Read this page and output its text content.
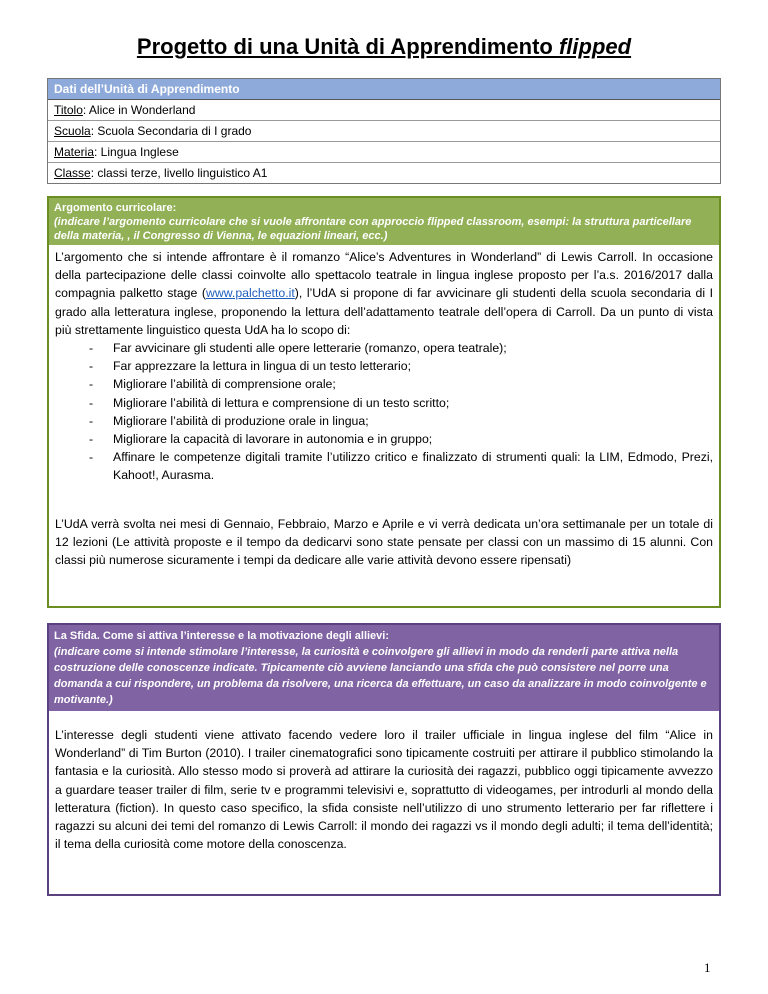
Progetto di una Unità di Apprendimento flipped
Dati dell’Unità di Apprendimento
Titolo: Alice in Wonderland
Scuola: Scuola Secondaria di I grado
Materia: Lingua Inglese
Classe: classi terze, livello linguistico A1
Argomento curricolare:
(indicare l’argomento curricolare che si vuole affrontare con approccio flipped classroom, esempi: la struttura particellare della materia, , il Congresso di Vienna, le equazioni lineari, ecc.)

L’argomento che si intende affrontare è il romanzo “Alice’s Adventures in Wonderland” di Lewis Carroll. In occasione della partecipazione delle classi coinvolte allo spettacolo teatrale in lingua inglese proposto per l’a.s. 2016/2017 dalla compagnia palketto stage (www.palchetto.it), l’UdA si propone di far avvicinare gli studenti della scuola secondaria di I grado alla letteratura inglese, proponendo la lettura dell’adattamento teatrale dell’opera di Carroll. Da un punto di vista più strettamente linguistico questa UdA ha lo scopo di:

- Far avvicinare gli studenti alle opere letterarie (romanzo, opera teatrale);
- Far apprezzare la lettura in lingua di un testo letterario;
- Migliorare l’abilità di comprensione orale;
- Migliorare l’abilità di lettura e comprensione di un testo scritto;
- Migliorare l’abilità di produzione orale in lingua;
- Migliorare la capacità di lavorare in autonomia e in gruppo;
- Affinare le competenze digitali tramite l’utilizzo critico e finalizzato di strumenti quali: la LIM, Edmodo, Prezi, Kahoot!, Aurasma.

L’UdA verrà svolta nei mesi di Gennaio, Febbraio, Marzo e Aprile e vi verrà dedicata un’ora settimanale per un totale di 12 lezioni (Le attività proposte e il tempo da dedicarvi sono state pensate per classi con un massimo di 15 alunni. Con classi più numerose sicuramente i tempi da dedicare alle varie attività devono essere ripensati)

La Sfida. Come si attiva l’interesse e la motivazione degli allievi:
(indicare come si intende stimolare l’interesse, la curiosità e coinvolgere gli allievi in modo da renderli parte attiva nella costruzione delle conoscenze indicate. Tipicamente ciò avviene lanciando una sfida che può consistere nel porre una domanda a cui rispondere, un problema da risolvere, una ricerca da effettuare, un caso da analizzare in modo coinvolgente e motivante.)

L’interesse degli studenti viene attivato facendo vedere loro il trailer ufficiale in lingua inglese del film “Alice in Wonderland” di Tim Burton (2010). I trailer cinematografici sono tipicamente costruiti per attirare il pubblico stimolando la fantasia e la curiosità. Allo stesso modo si proverà ad attirare la curiosità dei ragazzi, pubblico oggi tipicamente avvezzo a guardare teaser trailer di film, serie tv e programmi televisivi e, soprattutto di videogames, per introdurli al mondo della letteratura (fiction). In questo caso specifico, la sfida consiste nell’utilizzo di uno strumento letterario per far riflettere i ragazzi su alcuni dei temi del romanzo di Lewis Carroll: il mondo dei ragazzi vs il mondo degli adulti; il tema dell’identità; il tema della curiosità come motore della conoscenza.

1
